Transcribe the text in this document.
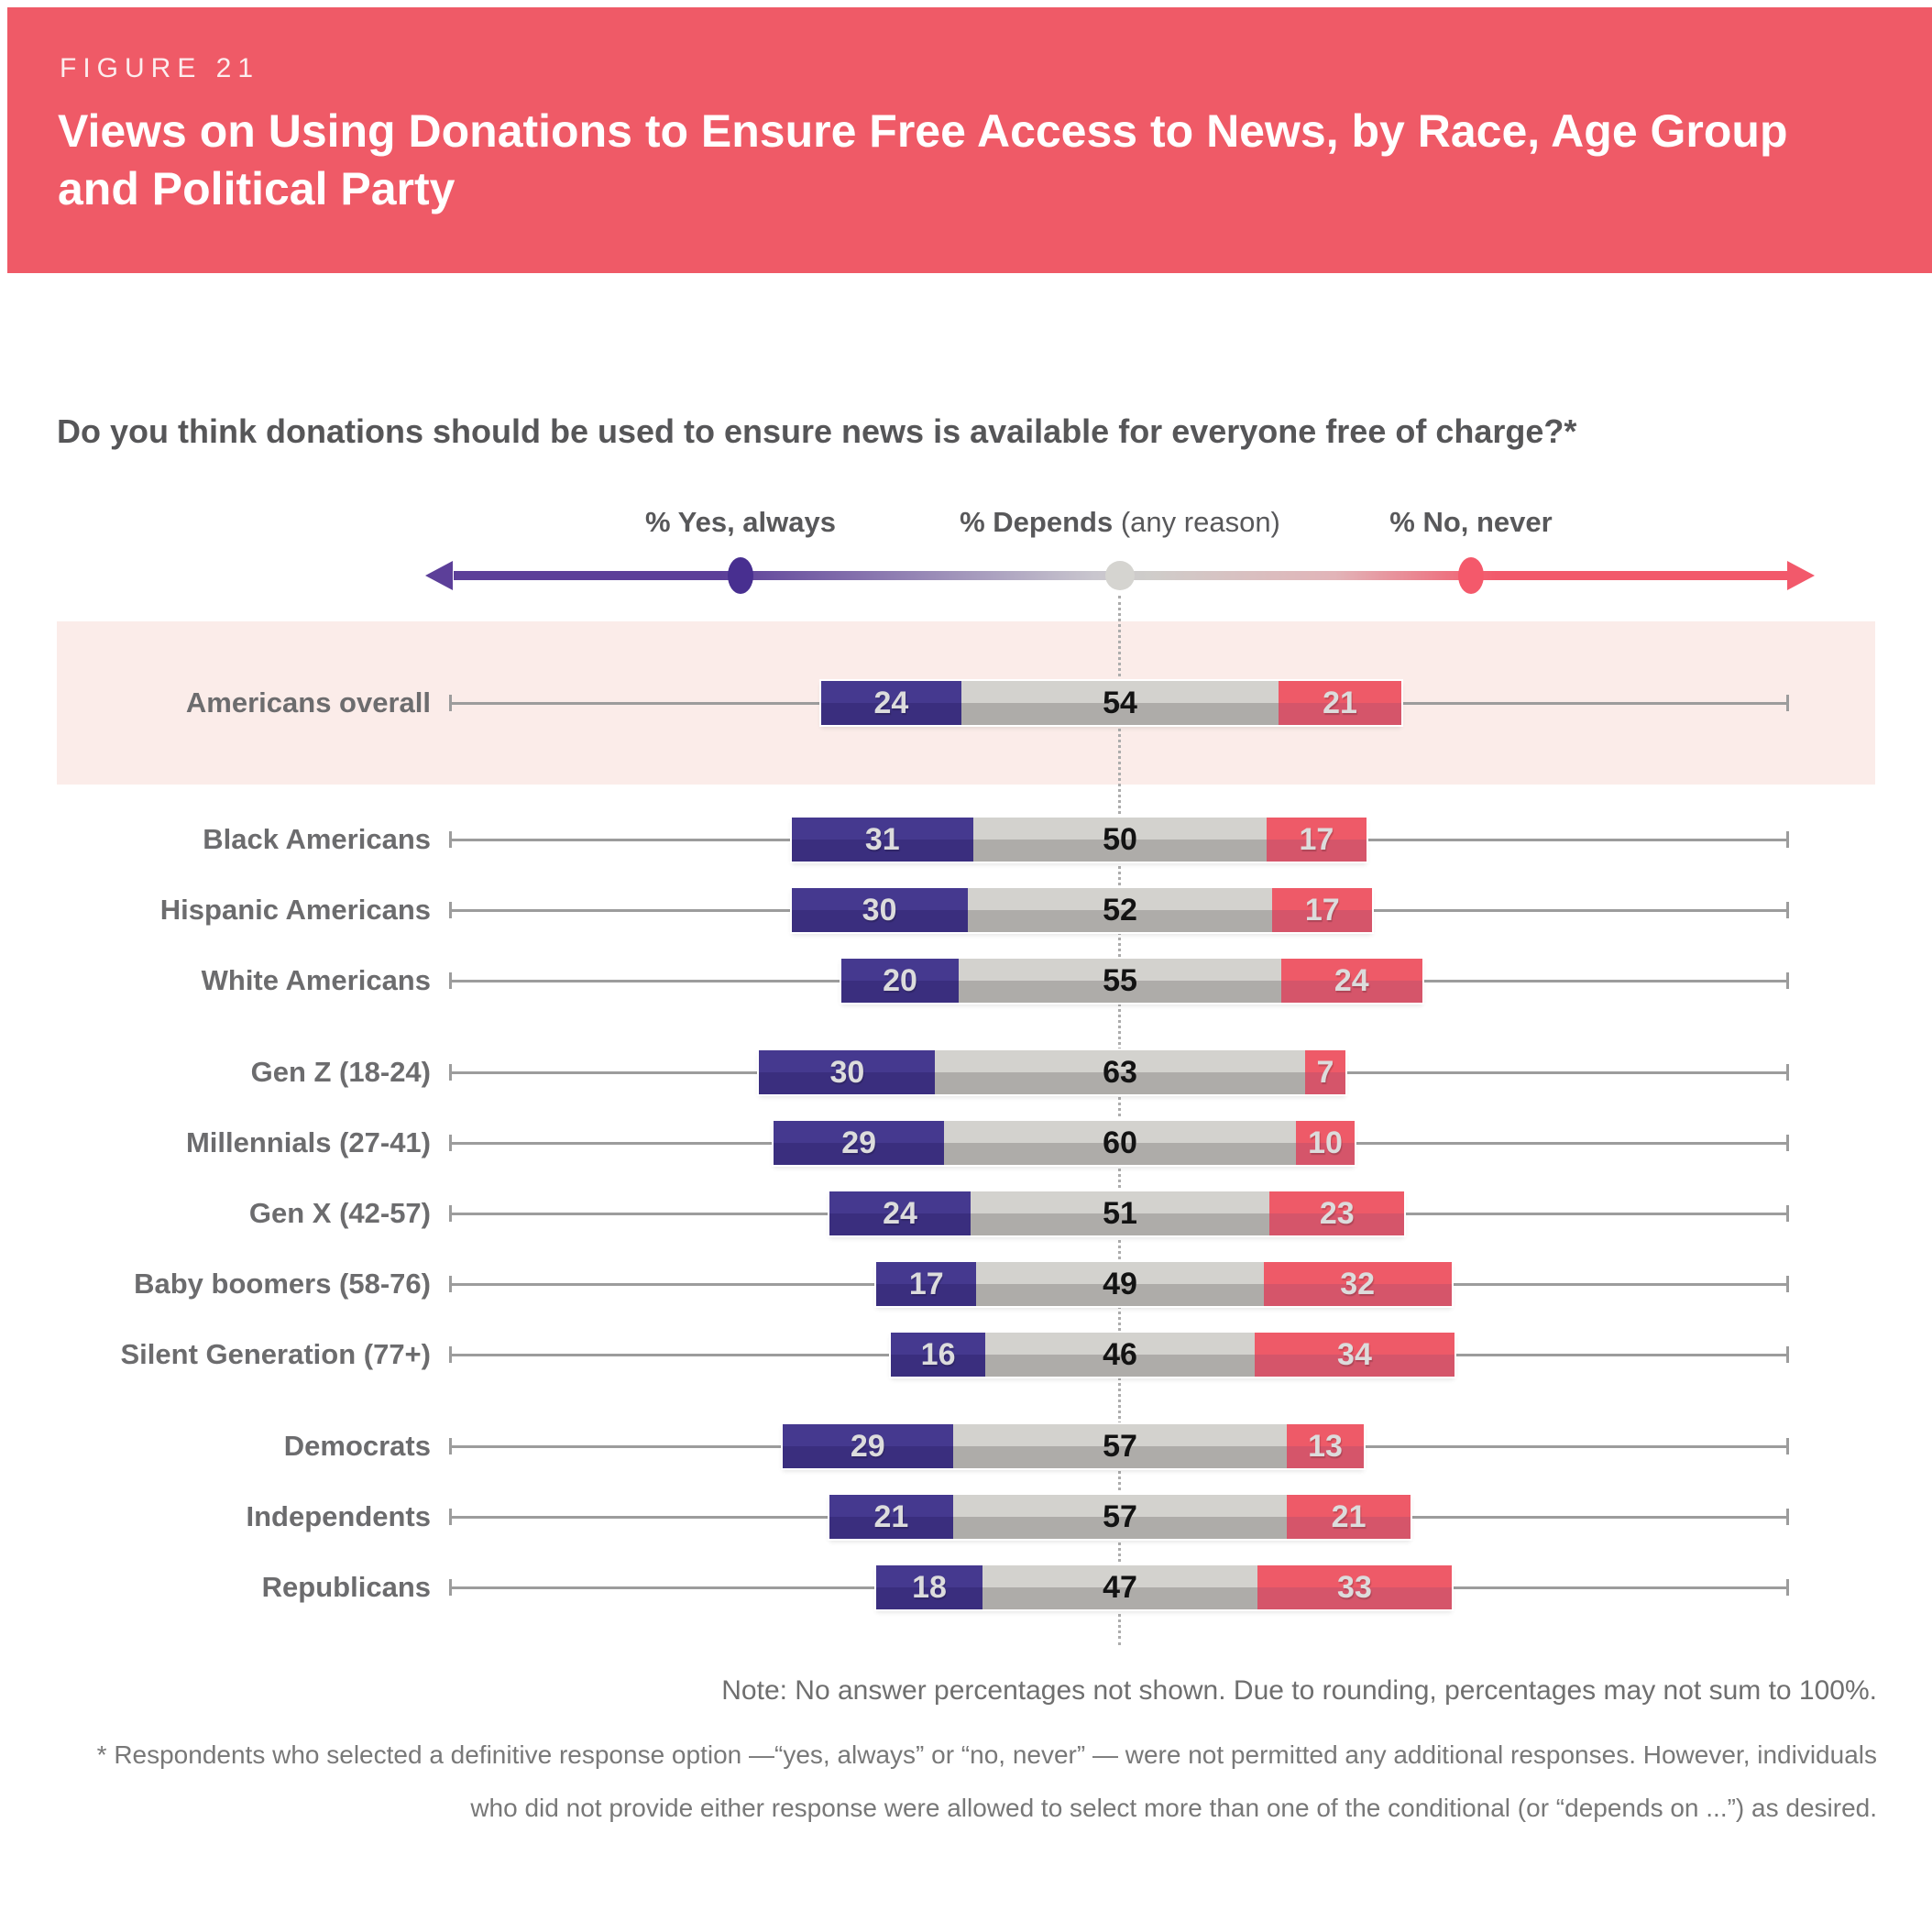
FIGURE 21
Views on Using Donations to Ensure Free Access to News, by Race, Age Group and Political Party
Do you think donations should be used to ensure news is available for everyone free of charge?*
% Yes, always	% Depends (any reason)	% No, never
Americans overall	24	54	21
Black Americans	31	50	17
Hispanic Americans	30	52	17
White Americans	20	55	24
Gen Z (18-24)	30	63	7
Millennials (27-41)	29	60	10
Gen X (42-57)	24	51	23
Baby boomers (58-76)	17	49	32
Silent Generation (77+)	16	46	34
Democrats	29	57	13
Independents	21	57	21
Republicans	18	47	33
Note: No answer percentages not shown. Due to rounding, percentages may not sum to 100%.
* Respondents who selected a definitive response option —“yes, always” or “no, never” — were not permitted any additional responses. However, individuals
who did not provide either response were allowed to select more than one of the conditional (or “depends on ...”) as desired.
